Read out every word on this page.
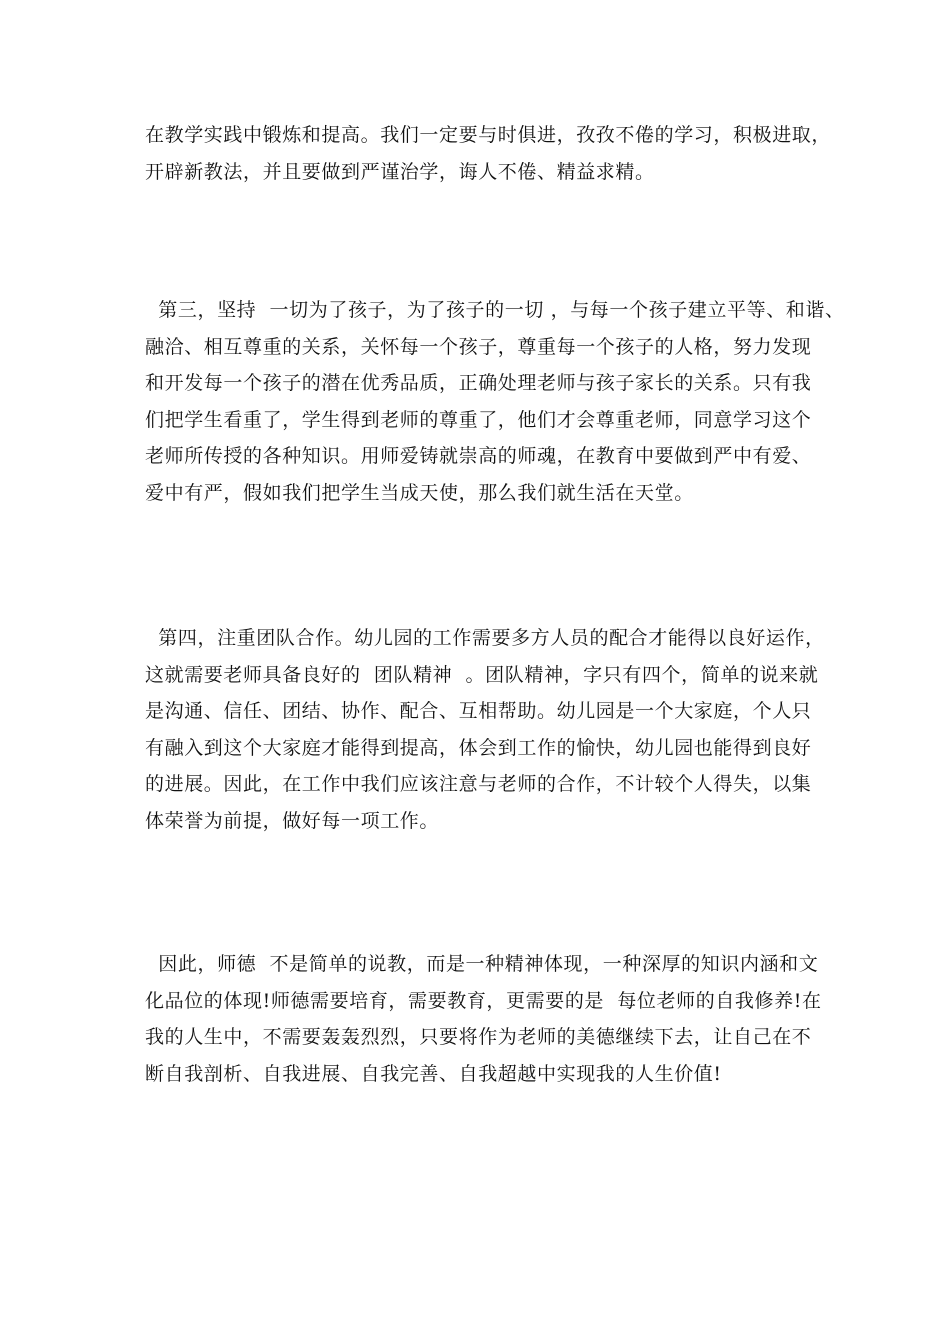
在教学实践中锻炼和提高。我们一定要与时俱进，孜孜不倦的学习，积极进取，
开辟新教法，并且要做到严谨治学，诲人不倦、精益求精。
第三，坚持  一切为了孩子，为了孩子的一切 ，与每一个孩子建立平等、和谐、
融洽、相互尊重的关系，关怀每一个孩子，尊重每一个孩子的人格，努力发现
和开发每一个孩子的潜在优秀品质，正确处理老师与孩子家长的关系。只有我
们把学生看重了，学生得到老师的尊重了，他们才会尊重老师，同意学习这个
老师所传授的各种知识。用师爱铸就崇高的师魂，在教育中要做到严中有爱、
爱中有严，假如我们把学生当成天使，那么我们就生活在天堂。
第四，注重团队合作。幼儿园的工作需要多方人员的配合才能得以良好运作，
这就需要老师具备良好的  团队精神  。团队精神，字只有四个，简单的说来就
是沟通、信任、团结、协作、配合、互相帮助。幼儿园是一个大家庭，个人只
有融入到这个大家庭才能得到提高，体会到工作的愉快，幼儿园也能得到良好
的进展。因此，在工作中我们应该注意与老师的合作，不计较个人得失，以集
体荣誉为前提，做好每一项工作。
因此，师德  不是简单的说教，而是一种精神体现，一种深厚的知识内涵和文
化品位的体现!师德需要培育，需要教育，更需要的是  每位老师的自我修养!在
我的人生中，不需要轰轰烈烈，只要将作为老师的美德继续下去，让自己在不
断自我剖析、自我进展、自我完善、自我超越中实现我的人生价值!
